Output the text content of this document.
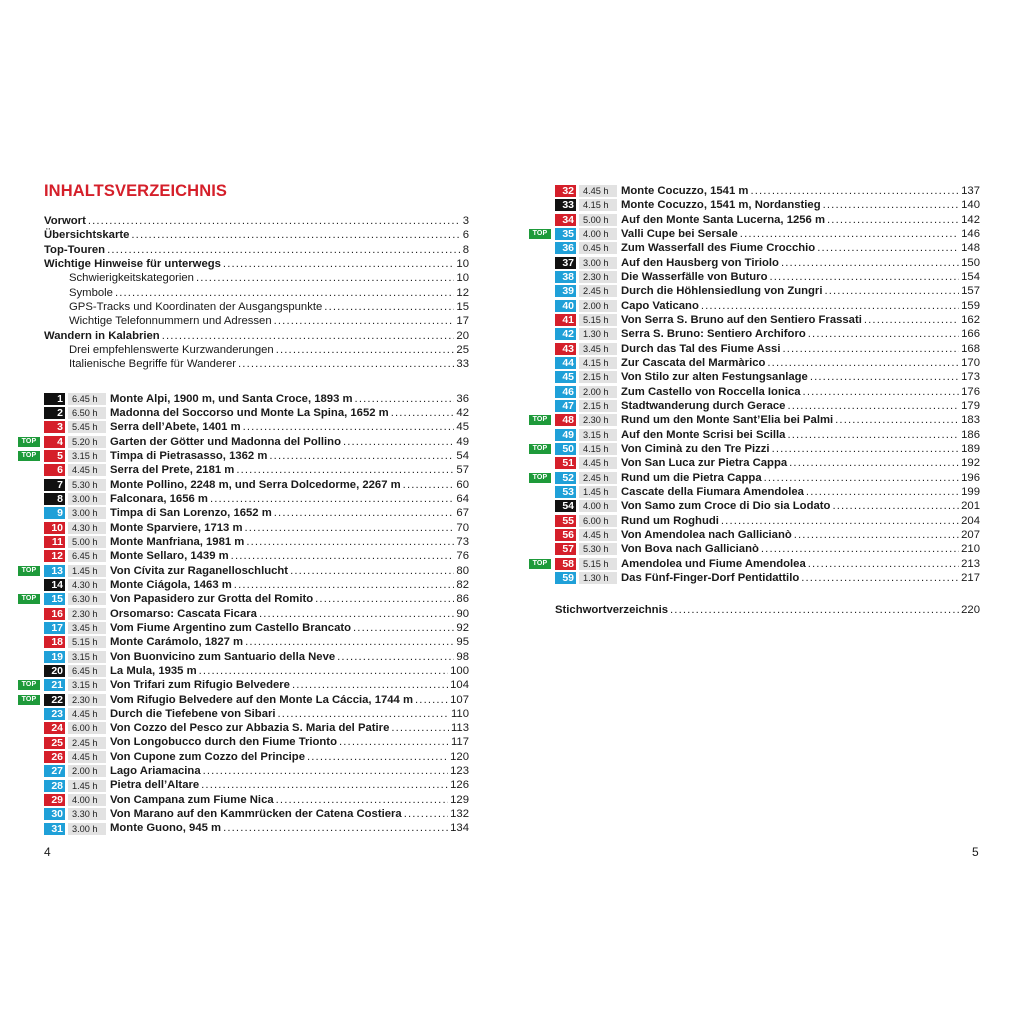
INHALTSVERZEICHNIS
Vorwort . . .	3
Übersichtskarte . . .	6
Top-Touren . . .	8
Wichtige Hinweise für unterwegs . . .	10
Schwierigkeitskategorien . . .	10
Symbole . . .	12
GPS-Tracks und Koordinaten der Ausgangspunkte . . .	15
Wichtige Telefonnummern und Adressen . . .	17
Wandern in Kalabrien . . .	20
Drei empfehlenswerte Kurzwanderungen . . .	25
Italienische Begriffe für Wanderer . . .	33
1 6.45 h	Monte Alpi, 1900 m, und Santa Croce, 1893 m . . .	36
2 6.50 h	Madonna del Soccorso und Monte La Spina, 1652 m . . .	42
3 5.45 h	Serra dell’Abete, 1401 m . . .	45
TOP	4 5.20 h	Garten der Götter und Madonna del Pollino . . .	49
TOP	5 3.15 h	Timpa di Pietrasasso, 1362 m . . .	54
6 4.45 h	Serra del Prete, 2181 m . . .	57
7 5.30 h	Monte Pollino, 2248 m, und Serra Dolcedorme, 2267 m . . .	60
8 3.00 h	Falconara, 1656 m . . .	64
9 3.00 h	Timpa di San Lorenzo, 1652 m . . .	67
10 4.30 h	Monte Sparviere, 1713 m . . .	70
11 5.00 h	Monte Manfriana, 1981 m . . .	73
12 6.45 h	Monte Sellaro, 1439 m . . .	76
TOP	13 1.45 h	Von Cívita zur Raganelloschlucht . . .	80
14 4.30 h	Monte Ciágola, 1463 m . . .	82
TOP	15 6.30 h	Von Papasidero zur Grotta del Romito . . .	86
16 2.30 h	Orsomarso: Cascata Ficara . . .	90
17 3.45 h	Vom Fiume Argentino zum Castello Brancato . . .	92
18 5.15 h	Monte Carámolo, 1827 m . . .	95
19 3.15 h	Von Buonvicino zum Santuario della Neve . . .	98
20 6.45 h	La Mula, 1935 m . . .	100
TOP	21 3.15 h	Von Trifari zum Rifugio Belvedere . . .	104
TOP	22 2.30 h	Vom Rifugio Belvedere auf den Monte La Cáccia, 1744 m . . .	107
23 4.45 h	Durch die Tiefebene von Sibari . . .	110
24 6.00 h	Von Cozzo del Pesco zur Abbazia S. Maria del Patire . . .	113
25 2.45 h	Von Longobucco durch den Fiume Trionto . . .	117
26 4.45 h	Von Cupone zum Cozzo del Principe . . .	120
27 2.00 h	Lago Ariamacina . . .	123
28 1.45 h	Pietra dell’Altare . . .	126
29 4.00 h	Von Campana zum Fiume Nica . . .	129
30 3.30 h	Von Marano auf den Kammrücken der Catena Costiera . . .	132
31 3.00 h	Monte Guono, 945 m . . .	134
32 4.45 h	Monte Cocuzzo, 1541 m . . .	137
33 4.15 h	Monte Cocuzzo, 1541 m, Nordanstieg . . .	140
34 5.00 h	Auf den Monte Santa Lucerna, 1256 m . . .	142
TOP	35 4.00 h	Valli Cupe bei Sersale . . .	146
36 0.45 h	Zum Wasserfall des Fiume Crocchio . . .	148
37 3.00 h	Auf den Hausberg von Tiriolo . . .	150
38 2.30 h	Die Wasserfälle von Buturo . . .	154
39 2.45 h	Durch die Höhlensiedlung von Zungri . . .	157
40 2.00 h	Capo Vaticano . . .	159
41 5.15 h	Von Serra S. Bruno auf den Sentiero Frassati . . .	162
42 1.30 h	Serra S. Bruno: Sentiero Archiforo . . .	166
43 3.45 h	Durch das Tal des Fiume Assi . . .	168
44 4.15 h	Zur Cascata del Marmàrico . . .	170
45 2.15 h	Von Stilo zur alten Festungsanlage . . .	173
46 2.00 h	Zum Castello von Roccella Ionica . . .	176
47 2.15 h	Stadtwanderung durch Gerace . . .	179
TOP	48 2.30 h	Rund um den Monte Sant’Elia bei Palmi . . .	183
49 3.15 h	Auf den Monte Scrisi bei Scilla . . .	186
TOP	50 4.15 h	Von Ciminà zu den Tre Pizzi . . .	189
51 4.45 h	Von San Luca zur Pietra Cappa . . .	192
TOP	52 2.45 h	Rund um die Pietra Cappa . . .	196
53 1.45 h	Cascate della Fiumara Amendolea . . .	199
54 4.00 h	Von Samo zum Croce di Dio sia Lodato . . .	201
55 6.00 h	Rund um Roghudi . . .	204
56 4.45 h	Von Amendolea nach Gallicianò . . .	207
57 5.30 h	Von Bova nach Gallicianò . . .	210
TOP	58 5.15 h	Amendolea und Fiume Amendolea . . .	213
59 1.30 h	Das Fünf-Finger-Dorf Pentidattilo . . .	217
Stichwortverzeichnis . . .	220
4	5
